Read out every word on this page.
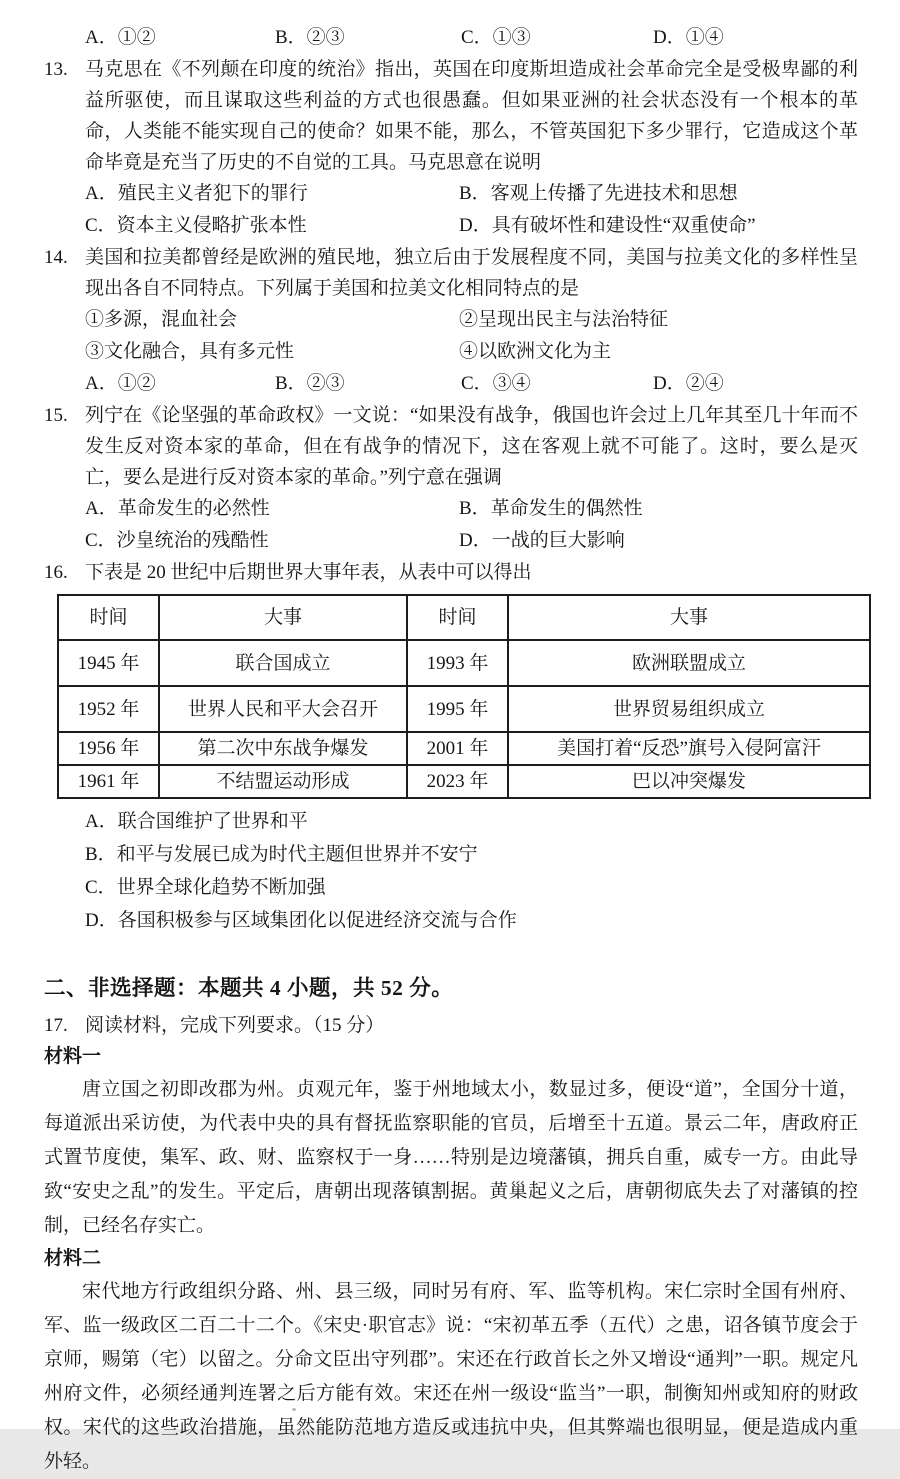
A．①②	B．②③	C．①③	D．①④
13. 马克思在《不列颠在印度的统治》指出，英国在印度斯坦造成社会革命完全是受极卑鄙的利益所驱使，而且谋取这些利益的方式也很愚蠢。但如果亚洲的社会状态没有一个根本的革命，人类能不能实现自己的使命？如果不能，那么，不管英国犯下多少罪行，它造成这个革命毕竟是充当了历史的不自觉的工具。马克思意在说明
A．殖民主义者犯下的罪行	B．客观上传播了先进技术和思想
C．资本主义侵略扩张本性	D．具有破坏性和建设性“双重使命”
14. 美国和拉美都曾经是欧洲的殖民地，独立后由于发展程度不同，美国与拉美文化的多样性呈现出各自不同特点。下列属于美国和拉美文化相同特点的是
①多源，混血社会	②呈现出民主与法治特征
③文化融合，具有多元性	④以欧洲文化为主
A．①②	B．②③	C．③④	D．②④
15. 列宁在《论坚强的革命政权》一文说：“如果没有战争，俄国也许会过上几年其至几十年而不发生反对资本家的革命，但在有战争的情况下，这在客观上就不可能了。这时，要么是灭亡，要么是进行反对资本家的革命。”列宁意在强调
A．革命发生的必然性	B．革命发生的偶然性
C．沙皇统治的残酷性	D．一战的巨大影响
16. 下表是 20 世纪中后期世界大事年表，从表中可以得出
时间	大事	时间	大事
1945 年	联合国成立	1993 年	欧洲联盟成立
1952 年	世界人民和平大会召开	1995 年	世界贸易组织成立
1956 年	第二次中东战争爆发	2001 年	美国打着“反恐”旗号入侵阿富汗
1961 年	不结盟运动形成	2023 年	巴以冲突爆发
A．联合国维护了世界和平
B．和平与发展已成为时代主题但世界并不安宁
C．世界全球化趋势不断加强
D．各国积极参与区域集团化以促进经济交流与合作
二、非选择题：本题共 4 小题，共 52 分。
17. 阅读材料，完成下列要求。（15 分）
材料一
唐立国之初即改郡为州。贞观元年，鉴于州地域太小，数显过多，便设“道”，全国分十道，每道派出采访使，为代表中央的具有督抚监察职能的官员，后增至十五道。景云二年，唐政府正式置节度使，集军、政、财、监察权于一身……特别是边境藩镇，拥兵自重，威专一方。由此导致“安史之乱”的发生。平定后，唐朝出现落镇割据。黄巢起义之后，唐朝彻底失去了对藩镇的控制，已经名存实亡。
材料二
宋代地方行政组织分路、州、县三级，同时另有府、军、监等机构。宋仁宗时全国有州府、军、监一级政区二百二十二个。《宋史·职官志》说：“宋初革五季（五代）之患，诏各镇节度会于京师，赐第（宅）以留之。分命文臣出守列郡”。宋还在行政首长之外又增设“通判”一职。规定凡州府文件，必须经通判连署之后方能有效。宋还在州一级设“监当”一职，制衡知州或知府的财政权。宋代的这些政治措施，虽然能防范地方造反或违抗中央，但其弊端也很明显，便是造成内重外轻。
